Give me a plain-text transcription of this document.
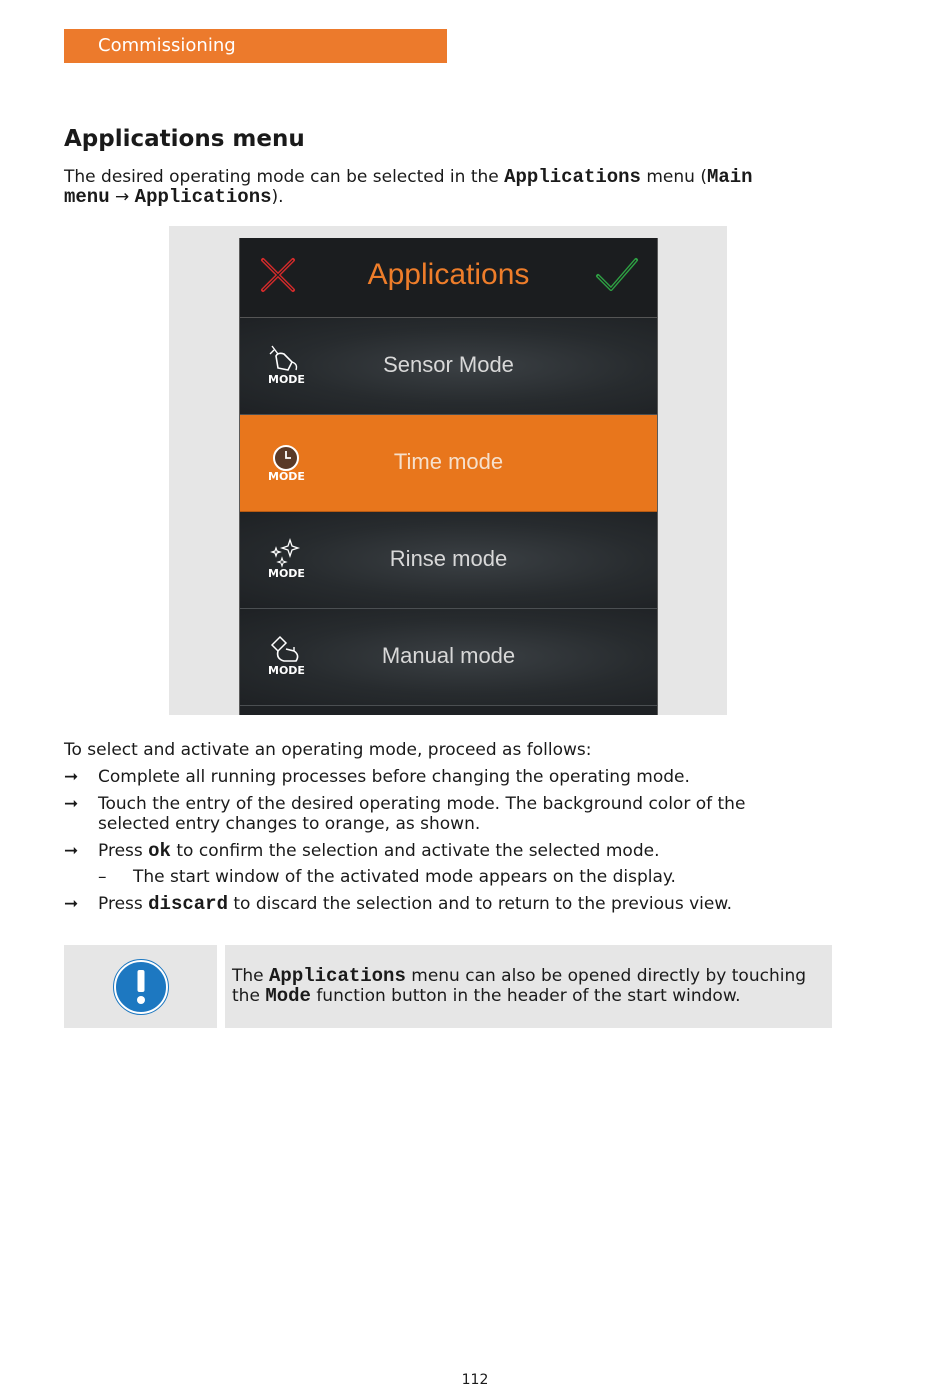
Commissioning
Applications menu

The desired operating mode can be selected in the Applications menu (Main
menu → Applications).

Applications
MODE
Sensor Mode
MODE
Time mode
MODE
Rinse mode
MODE
Manual mode

To select and activate an operating mode, proceed as follows:

➞	Complete all running processes before changing the operating mode.
➞	Touch the entry of the desired operating mode. The background color of the selected entry changes to orange, as shown.
➞	Press ok to confirm the selection and activate the selected mode.
– The start window of the activated mode appears on the display.
➞	Press discard to discard the selection and to return to the previous view.
The Applications menu can also be opened directly by touching the Mode function button in the header of the start window.
112
